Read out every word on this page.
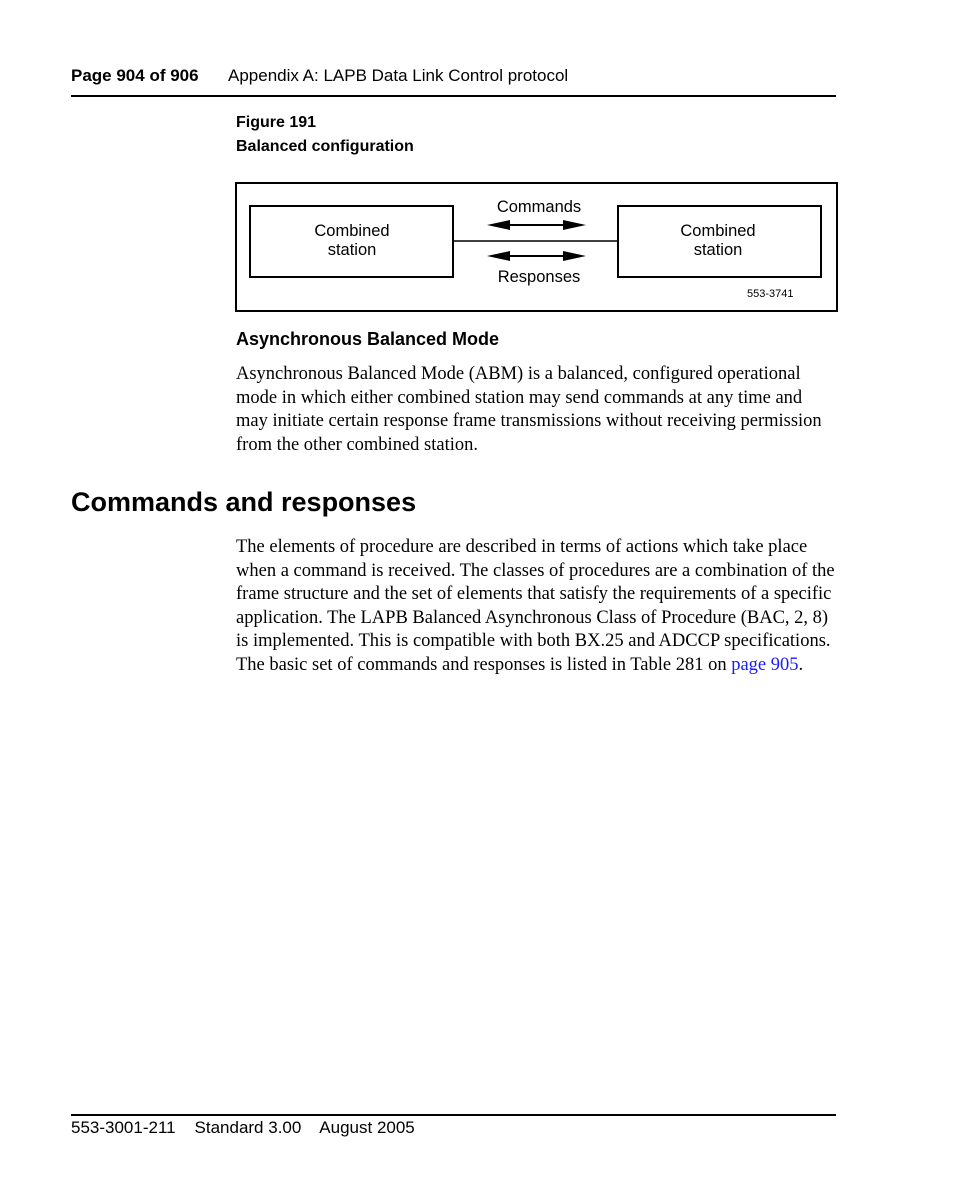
Page 904 of 906 Appendix A: LAPB Data Link Control protocol
Figure 191
Balanced configuration
Combined
station
Combined
station
Commands
Responses
553-3741
Asynchronous Balanced Mode

Asynchronous Balanced Mode (ABM) is a balanced, configured operational mode in which either combined station may send commands at any time and may initiate certain response frame transmissions without receiving permission from the other combined station.

Commands and responses

The elements of procedure are described in terms of actions which take place when a command is received. The classes of procedures are a combination of the frame structure and the set of elements that satisfy the requirements of a specific application. The LAPB Balanced Asynchronous Class of Procedure (BAC, 2, 8) is implemented. This is compatible with both BX.25 and ADCCP specifications. The basic set of commands and responses is listed in Table 281 on page 905.

553-3001-211 Standard 3.00 August 2005
